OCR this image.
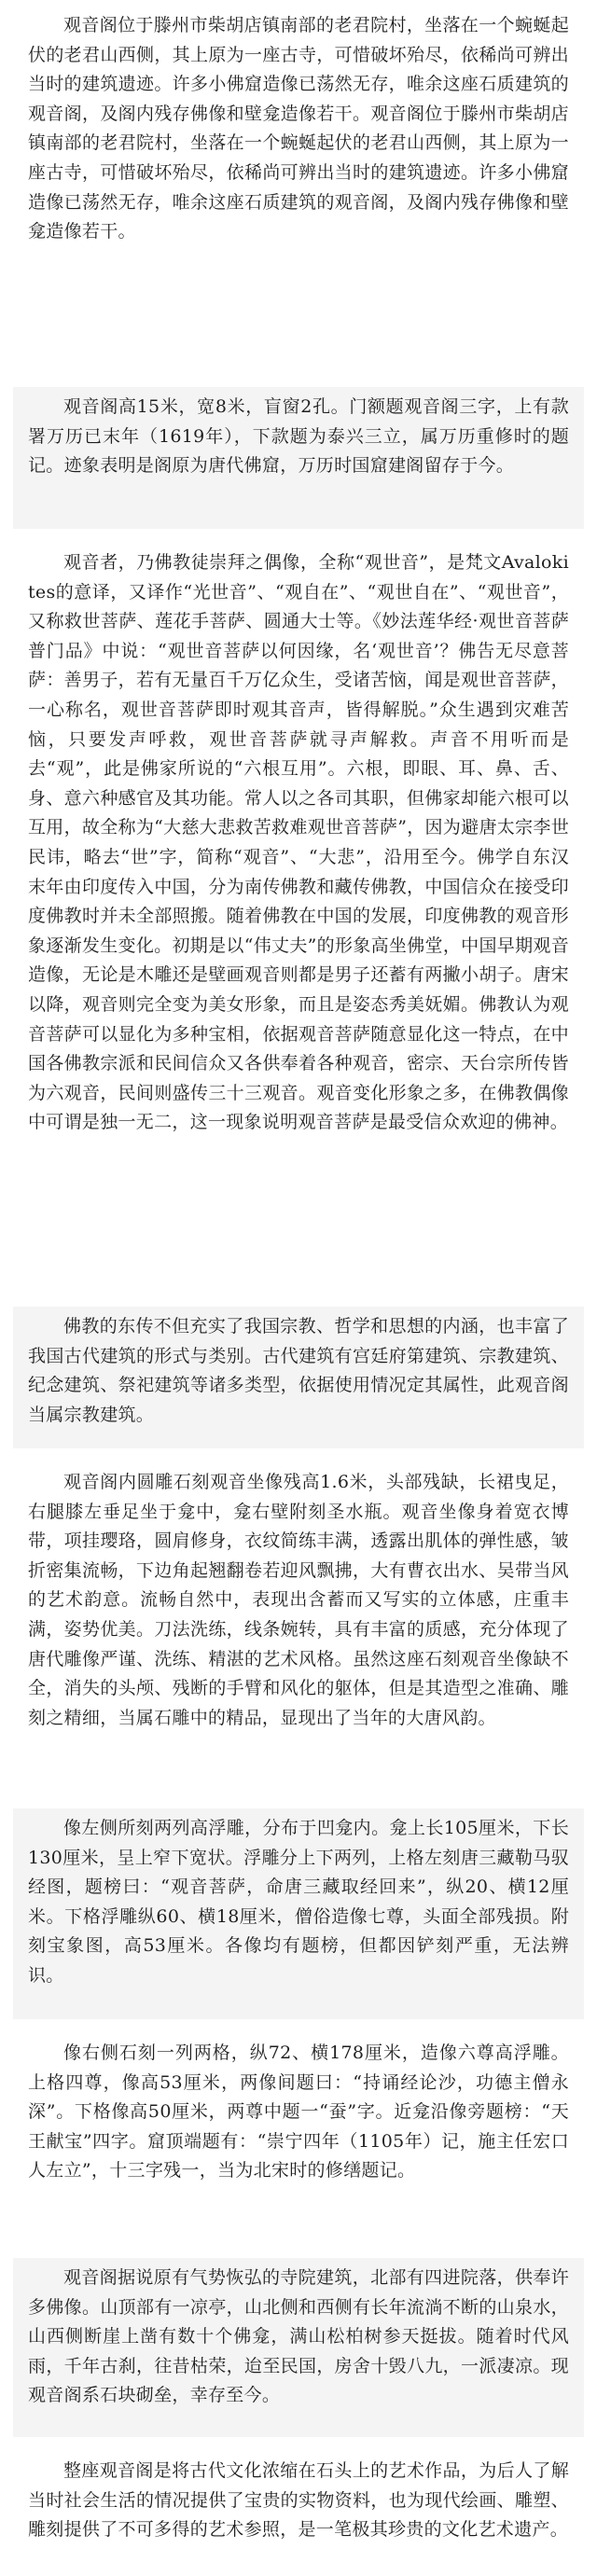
观音阁位于滕州市柴胡店镇南部的老君院村，坐落在一个蜿蜒起伏的老君山西侧，其上原为一座古寺，可惜破坏殆尽，依稀尚可辨出当时的建筑遗迹。许多小佛窟造像已荡然无存，唯余这座石质建筑的观音阁，及阁内残存佛像和壁龛造像若干。观音阁位于滕州市柴胡店镇南部的老君院村，坐落在一个蜿蜒起伏的老君山西侧，其上原为一座古寺，可惜破坏殆尽，依稀尚可辨出当时的建筑遗迹。许多小佛窟造像已荡然无存，唯余这座石质建筑的观音阁，及阁内残存佛像和壁龛造像若干。

观音阁高15米，宽8米，盲窗2孔。门额题观音阁三字，上有款署万历已末年（1619年），下款题为泰兴三立，属万历重修时的题记。迹象表明是阁原为唐代佛窟，万历时国窟建阁留存于今。

观音者，乃佛教徒崇拜之偶像，全称“观世音”，是梵文Avalokites的意译，又译作“光世音”、“观自在”、“观世自在”、“观世音”，又称救世菩萨、莲花手菩萨、圆通大士等。《妙法莲华经·观世音菩萨普门品》中说：“观世音菩萨以何因缘，名‘观世音’？佛告无尽意菩萨：善男子，若有无量百千万亿众生，受诸苦恼，闻是观世音菩萨，一心称名，观世音菩萨即时观其音声，皆得解脱。”众生遇到灾难苦恼，只要发声呼救，观世音菩萨就寻声解救。声音不用听而是去“观”，此是佛家所说的“六根互用”。六根，即眼、耳、鼻、舌、身、意六种感官及其功能。常人以之各司其职，但佛家却能六根可以互用，故全称为“大慈大悲救苦救难观世音菩萨”，因为避唐太宗李世民讳，略去“世”字，简称“观音”、“大悲”，沿用至今。佛学自东汉末年由印度传入中国，分为南传佛教和藏传佛教，中国信众在接受印度佛教时并未全部照搬。随着佛教在中国的发展，印度佛教的观音形象逐渐发生变化。初期是以“伟丈夫”的形象高坐佛堂，中国早期观音造像，无论是木雕还是壁画观音则都是男子还蓄有两撇小胡子。唐宋以降，观音则完全变为美女形象，而且是姿态秀美妩媚。佛教认为观音菩萨可以显化为多种宝相，依据观音菩萨随意显化这一特点，在中国各佛教宗派和民间信众又各供奉着各种观音，密宗、天台宗所传皆为六观音，民间则盛传三十三观音。观音变化形象之多，在佛教偶像中可谓是独一无二，这一现象说明观音菩萨是最受信众欢迎的佛神。

佛教的东传不但充实了我国宗教、哲学和思想的内涵，也丰富了我国古代建筑的形式与类别。古代建筑有宫廷府第建筑、宗教建筑、纪念建筑、祭祀建筑等诸多类型，依据使用情况定其属性，此观音阁当属宗教建筑。

观音阁内圆雕石刻观音坐像残高1.6米，头部残缺，长裙曳足，右腿膝左垂足坐于龛中，龛右壁附刻圣水瓶。观音坐像身着宽衣博带，项挂璎珞，圆肩修身，衣纹简练丰满，透露出肌体的弹性感，皱折密集流畅，下边角起翘翻卷若迎风飘拂，大有曹衣出水、吴带当风的艺术韵意。流畅自然中，表现出含蓄而又写实的立体感，庄重丰满，姿势优美。刀法洗练，线条婉转，具有丰富的质感，充分体现了唐代雕像严谨、洗练、精湛的艺术风格。虽然这座石刻观音坐像缺不全，消失的头颅、残断的手臂和风化的躯体，但是其造型之准确、雕刻之精细，当属石雕中的精品，显现出了当年的大唐风韵。

像左侧所刻两列高浮雕，分布于凹龛内。龛上长105厘米，下长130厘米，呈上窄下宽状。浮雕分上下两列，上格左刻唐三藏勒马驭经图，题榜曰：“观音菩萨，命唐三藏取经回来”，纵20、横12厘米。下格浮雕纵60、横18厘米，僧俗造像七尊，头面全部残损。附刻宝象图，高53厘米。各像均有题榜，但都因铲刻严重，无法辨识。

像右侧石刻一列两格，纵72、横178厘米，造像六尊高浮雕。上格四尊，像高53厘米，两像间题曰：“持诵经论沙，功德主僧永深”。下格像高50厘米，两尊中题一“蚕”字。近龛沿像旁题榜：“天王献宝”四字。窟顶端题有：“崇宁四年（1105年）记，施主任宏口人左立”，十三字残一，当为北宋时的修缮题记。

观音阁据说原有气势恢弘的寺院建筑，北部有四进院落，供奉许多佛像。山顶部有一凉亭，山北侧和西侧有长年流淌不断的山泉水，山西侧断崖上凿有数十个佛龛，满山松柏树参天挺拔。随着时代风雨，千年古刹，往昔枯荣，迨至民国，房舍十毁八九，一派凄凉。现观音阁系石块砌垒，幸存至今。

整座观音阁是将古代文化浓缩在石头上的艺术作品，为后人了解当时社会生活的情况提供了宝贵的实物资料，也为现代绘画、雕塑、雕刻提供了不可多得的艺术参照，是一笔极其珍贵的文化艺术遗产。
